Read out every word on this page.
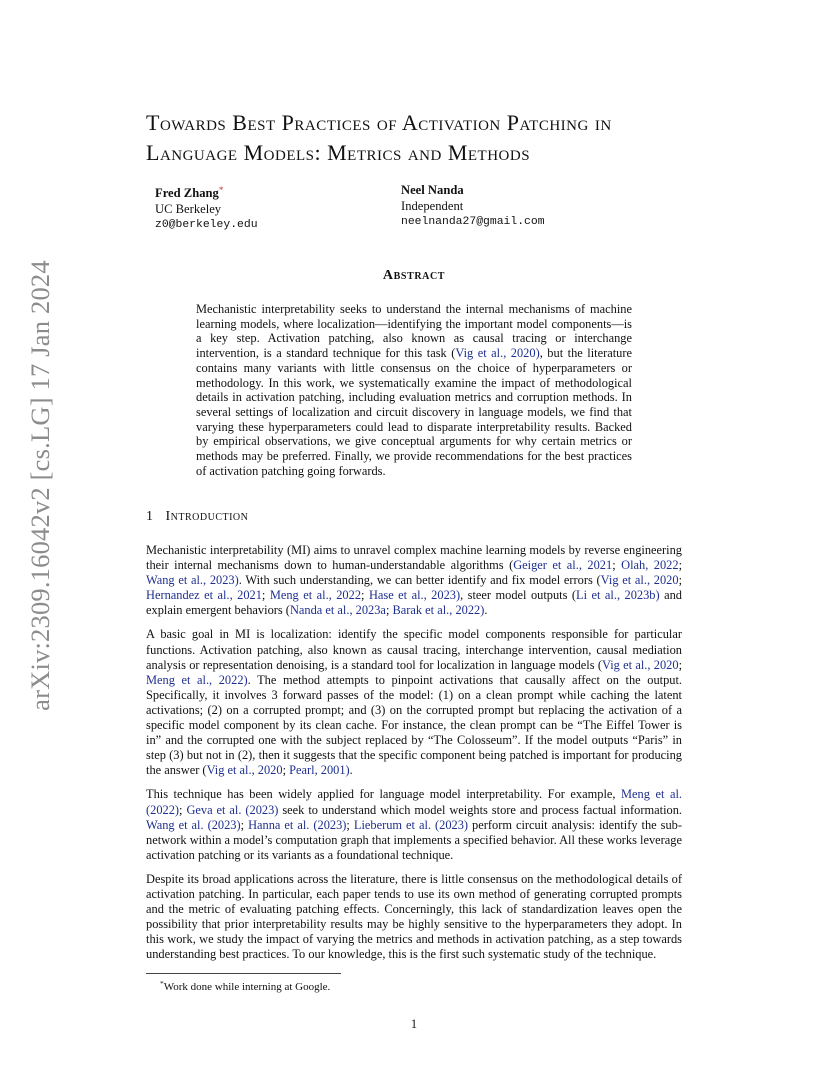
arXiv:2309.16042v2 [cs.LG] 17 Jan 2024
Towards Best Practices of Activation Patching in Language Models: Metrics and Methods
Fred Zhang*
UC Berkeley
z0@berkeley.edu
Neel Nanda
Independent
neelnanda27@gmail.com
Abstract

Mechanistic interpretability seeks to understand the internal mechanisms of machine learning models, where localization—identifying the important model components—is a key step. Activation patching, also known as causal tracing or interchange intervention, is a standard technique for this task (Vig et al., 2020), but the literature contains many variants with little consensus on the choice of hyperparameters or methodology. In this work, we systematically examine the impact of methodological details in activation patching, including evaluation metrics and corruption methods. In several settings of localization and circuit discovery in language models, we find that varying these hyperparameters could lead to disparate interpretability results. Backed by empirical observations, we give conceptual arguments for why certain metrics or methods may be preferred. Finally, we provide recommendations for the best practices of activation patching going forwards.

1 Introduction

Mechanistic interpretability (MI) aims to unravel complex machine learning models by reverse engineering their internal mechanisms down to human-understandable algorithms (Geiger et al., 2021; Olah, 2022; Wang et al., 2023). With such understanding, we can better identify and fix model errors (Vig et al., 2020; Hernandez et al., 2021; Meng et al., 2022; Hase et al., 2023), steer model outputs (Li et al., 2023b) and explain emergent behaviors (Nanda et al., 2023a; Barak et al., 2022).

A basic goal in MI is localization: identify the specific model components responsible for particular functions. Activation patching, also known as causal tracing, interchange intervention, causal mediation analysis or representation denoising, is a standard tool for localization in language models (Vig et al., 2020; Meng et al., 2022). The method attempts to pinpoint activations that causally affect on the output. Specifically, it involves 3 forward passes of the model: (1) on a clean prompt while caching the latent activations; (2) on a corrupted prompt; and (3) on the corrupted prompt but replacing the activation of a specific model component by its clean cache. For instance, the clean prompt can be “The Eiffel Tower is in” and the corrupted one with the subject replaced by “The Colosseum”. If the model outputs “Paris” in step (3) but not in (2), then it suggests that the specific component being patched is important for producing the answer (Vig et al., 2020; Pearl, 2001).

This technique has been widely applied for language model interpretability. For example, Meng et al. (2022); Geva et al. (2023) seek to understand which model weights store and process factual information. Wang et al. (2023); Hanna et al. (2023); Lieberum et al. (2023) perform circuit analysis: identify the sub-network within a model’s computation graph that implements a specified behavior. All these works leverage activation patching or its variants as a foundational technique.

Despite its broad applications across the literature, there is little consensus on the methodological details of activation patching. In particular, each paper tends to use its own method of generating corrupted prompts and the metric of evaluating patching effects. Concerningly, this lack of standardization leaves open the possibility that prior interpretability results may be highly sensitive to the hyperparameters they adopt. In this work, we study the impact of varying the metrics and methods in activation patching, as a step towards understanding best practices. To our knowledge, this is the first such systematic study of the technique.

*Work done while interning at Google.
1
